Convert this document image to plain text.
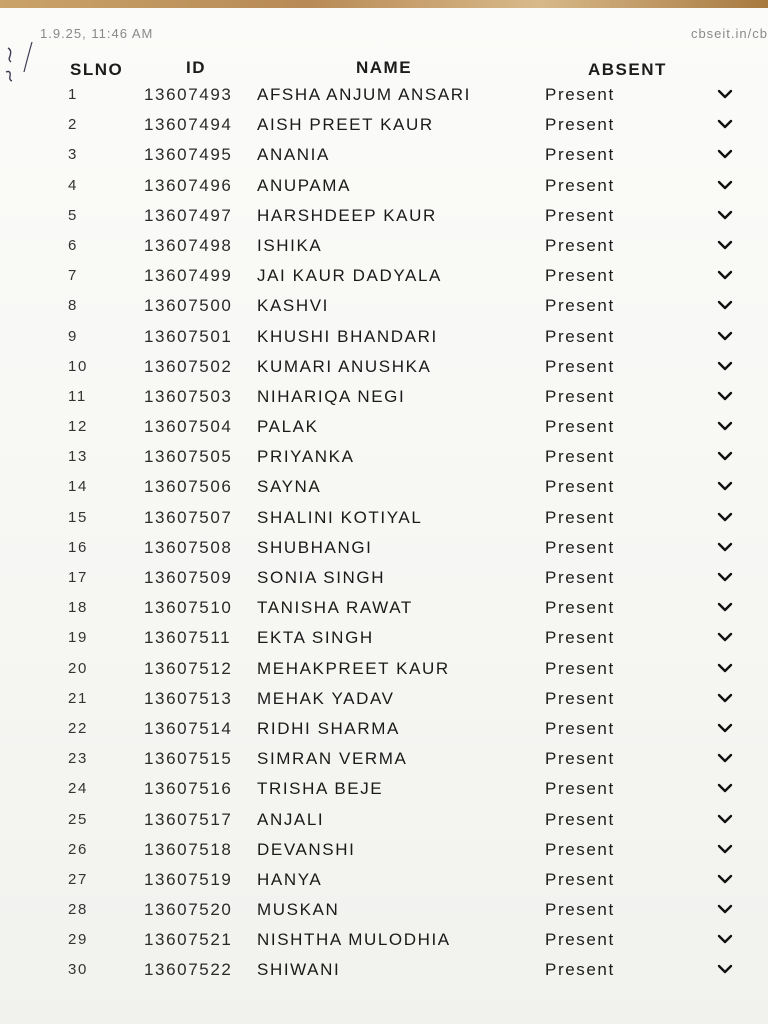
1.9.25, 11:46 AM	cbseit.in/cb
SLNO	ID	NAME	ABSENT
1	13607493 AFSHA ANJUM ANSARI	Present
2	13607494 AISH PREET KAUR	Present
3	13607495 ANANIA	Present
4	13607496 ANUPAMA	Present
5	13607497 HARSHDEEP KAUR	Present
6	13607498 ISHIKA	Present
7	13607499 JAI KAUR DADYALA	Present
8	13607500 KASHVI	Present
9	13607501 KHUSHI BHANDARI	Present
10	13607502 KUMARI ANUSHKA	Present
11	13607503 NIHARIQA NEGI	Present
12	13607504 PALAK	Present
13	13607505 PRIYANKA	Present
14	13607506 SAYNA	Present
15	13607507 SHALINI KOTIYAL	Present
16	13607508 SHUBHANGI	Present
17	13607509 SONIA SINGH	Present
18	13607510 TANISHA RAWAT	Present
19	13607511 EKTA SINGH	Present
20	13607512 MEHAKPREET KAUR	Present
21	13607513 MEHAK YADAV	Present
22	13607514 RIDHI SHARMA	Present
23	13607515 SIMRAN VERMA	Present
24	13607516 TRISHA BEJE	Present
25	13607517 ANJALI	Present
26	13607518 DEVANSHI	Present
27	13607519 HANYA	Present
28	13607520 MUSKAN	Present
29	13607521 NISHTHA MULODHIA	Present
30	13607522 SHIWANI	Present
